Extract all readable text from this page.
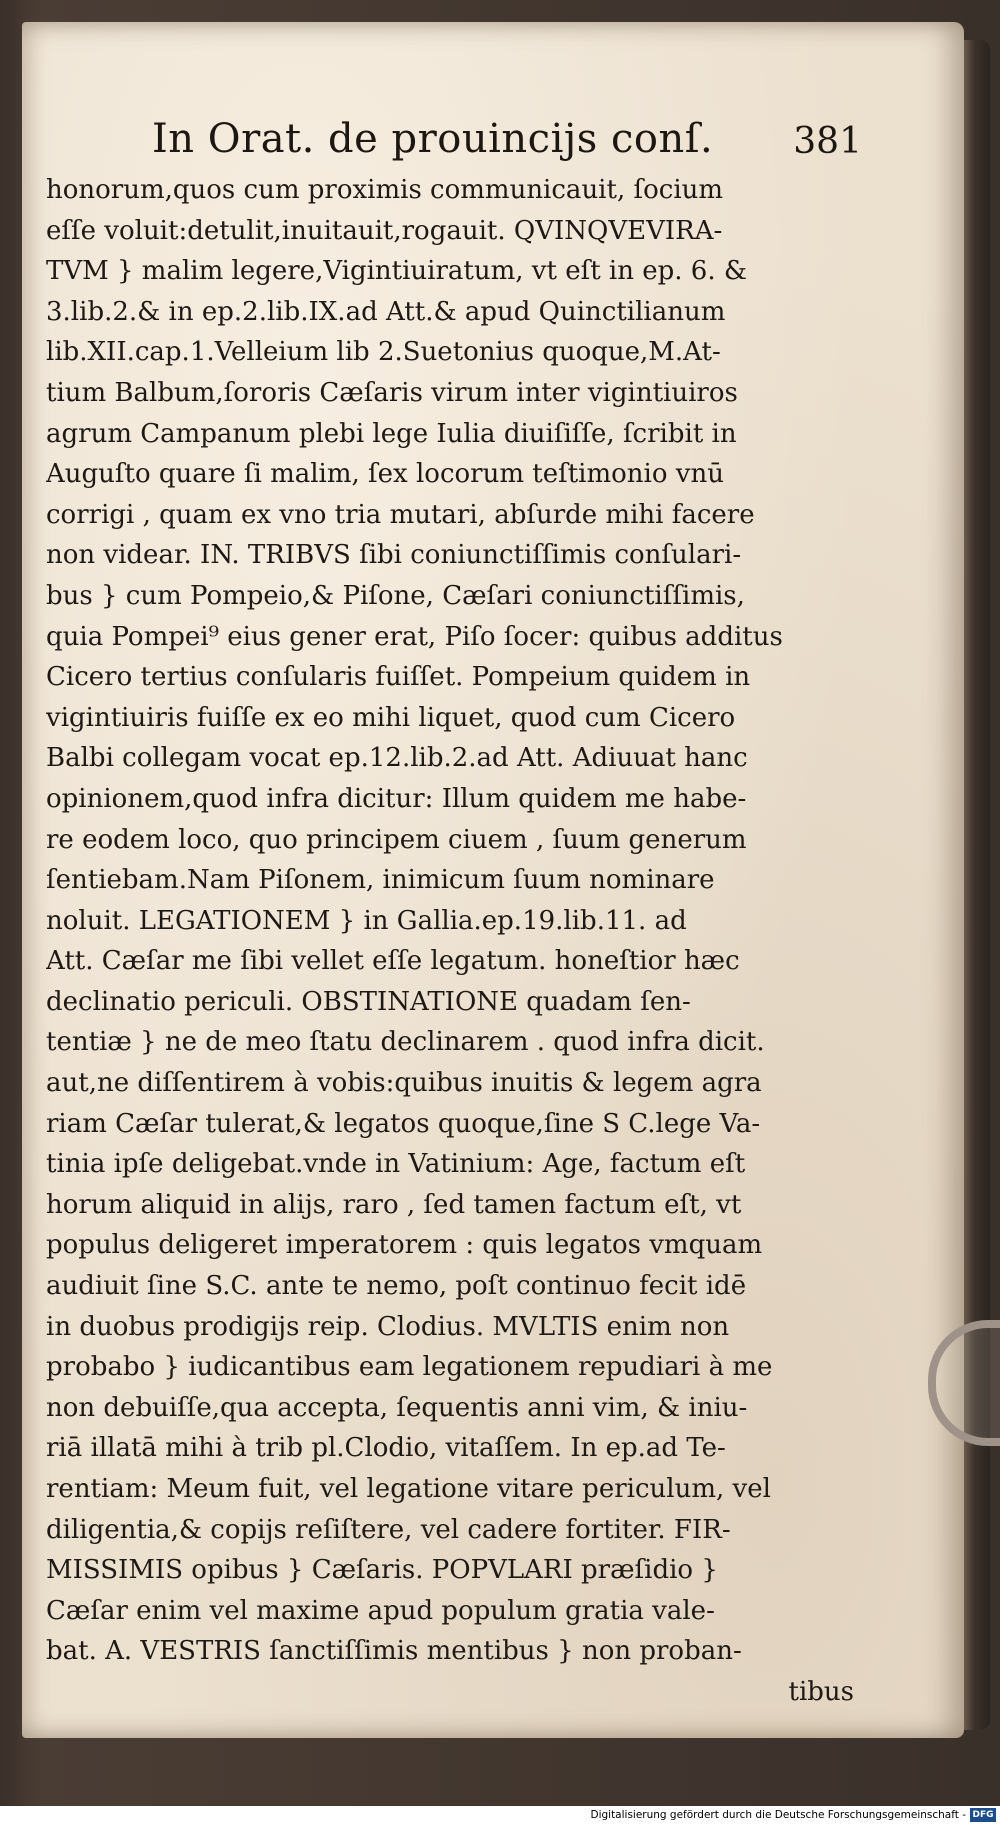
In Orat. de prouincijs conſ. 381
honorum,quos cum proximis communicauit, ſocium
eſſe voluit:detulit,inuitauit,rogauit. QVINQVEVIRA-
TVM } malim legere,Vigintiuiratum, vt eſt in ep. 6. &
3.lib.2.& in ep.2.lib.IX.ad Att.& apud Quinctilianum
lib.XII.cap.1.Velleium lib 2.Suetonius quoque,M.At-
tium Balbum,ſororis Cæſaris virum inter vigintiuiros
agrum Campanum plebi lege Iulia diuiſiſſe, ſcribit in
Auguſto quare ſi malim, ſex locorum teſtimonio vnū
corrigi , quam ex vno tria mutari, abſurde mihi facere
non videar. IN. TRIBVS ſibi coniunctiſſimis conſulari-
bus } cum Pompeio,& Piſone, Cæſari coniunctiſſimis,
quia Pompei⁹ eius gener erat, Piſo ſocer: quibus additus
Cicero tertius conſularis fuiſſet. Pompeium quidem in
vigintiuiris fuiſſe ex eo mihi liquet, quod cum Cicero
Balbi collegam vocat ep.12.lib.2.ad Att. Adiuuat hanc
opinionem,quod infra dicitur: Illum quidem me habe-
re eodem loco, quo principem ciuem , ſuum generum
ſentiebam.Nam Piſonem, inimicum ſuum nominare
noluit. LEGATIONEM } in Gallia.ep.19.lib.11. ad
Att. Cæſar me ſibi vellet eſſe legatum. honeſtior hæc
declinatio periculi. OBSTINATIONE quadam ſen-
tentiæ } ne de meo ſtatu declinarem . quod infra dicit.
aut,ne diſſentirem à vobis:quibus inuitis & legem agra
riam Cæſar tulerat,& legatos quoque,ſine S C.lege Va-
tinia ipſe deligebat.vnde in Vatinium: Age, factum eſt
horum aliquid in alijs, raro , ſed tamen factum eſt, vt
populus deligeret imperatorem : quis legatos vmquam
audiuit ſine S.C. ante te nemo, poſt continuo fecit idē
in duobus prodigijs reip. Clodius. MVLTIS enim non
probabo } iudicantibus eam legationem repudiari à me
non debuiſſe,qua accepta, ſequentis anni vim, & iniu-
riā illatā mihi à trib pl.Clodio, vitaſſem. In ep.ad Te-
rentiam: Meum fuit, vel legatione vitare periculum, vel
diligentia,& copijs reſiſtere, vel cadere fortiter. FIR-
MISSIMIS opibus } Cæſaris. POPVLARI præſidio }
Cæſar enim vel maxime apud populum gratia vale-
bat. A. VESTRIS ſanctiſſimis mentibus } non proban-
tibus
Digitalisierung gefördert durch die Deutsche Forschungsgemeinschaft - DFG
